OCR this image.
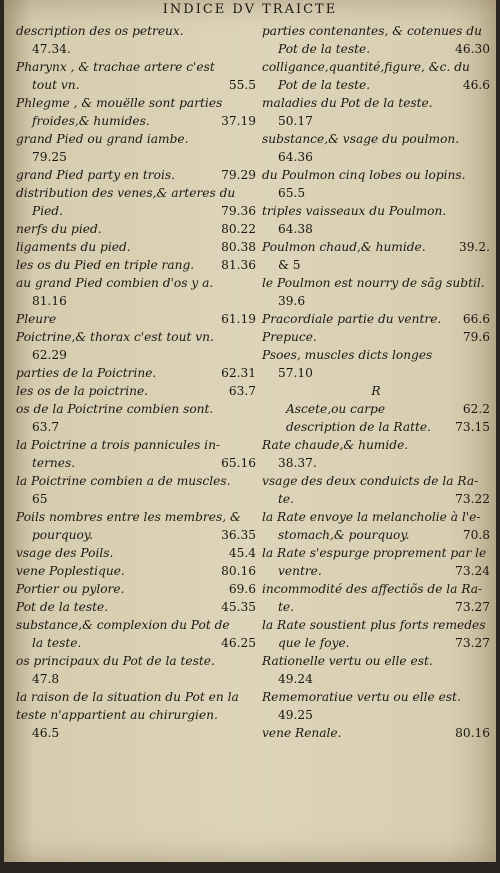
INDICE DV TRAICTE
description des os petreux.
47.34.
Pharynx , & trachae artere c'est
tout vn.	55.5
Phlegme , & mouëlle sont parties
froides,& humides.	37.19
grand Pied ou grand iambe.
79.25
grand Pied party en trois.	79.29
distribution des venes,& arteres du
Pied.	79.36
nerfs du pied.	80.22
ligaments du pied.	80.38
les os du Pied en triple rang. 81.36
au grand Pied combien d'os y a.
81.16
Pleure	61.19
Poictrine,& thorax c'est tout vn.
62.29
parties de la Poictrine.	62.31
les os de la poictrine.	63.7
os de la Poictrine combien sont.
63.7
la Poictrine a trois pannicules in-
ternes.	65.16
la Poictrine combien a de muscles.
65
Poils nombres entre les membres, &
pourquoy.	36.35
vsage des Poils.	45.4
vene Poplestique.	80.16
Portier ou pylore.	69.6
Pot de la teste.	45.35
substance,& complexion du Pot de
la teste.	46.25
os principaux du Pot de la teste.
47.8
la raison de la situation du Pot en la
teste n'appartient au chirurgien.
46.5
parties contenantes, & cotenues du
Pot de la teste.	46.30
colligance,quantité,figure, &c. du
Pot de la teste.	46.6
maladies du Pot de la teste.
50.17
substance,& vsage du poulmon.
64.36
du Poulmon cinq lobes ou lopins.
65.5
triples vaisseaux du Poulmon.
64.38
Poulmon chaud,& humide.	39.2.
& 5
le Poulmon est nourry de sãg subtil.
39.6
Pracordiale partie du ventre. 66.6
Prepuce.	79.6
Psoes, muscles dicts longes
57.10
R
Ascete,ou carpe	62.2
description de la Ratte. 73.15
Rate chaude,& humide.
38.37.
vsage des deux conduicts de la Ra-
te.	73.22
la Rate envoye la melancholie à l'e-
stomach,& pourquoy.	70.8
la Rate s'espurge proprement par le
ventre.	73.24
incommodité des affectiõs de la Ra-
te.	73.27
la Rate soustient plus forts remedes
que le foye.	73.27
Rationelle vertu ou elle est.
49.24
Rememoratiue vertu ou elle est.
49.25
vene Renale.	80.16
